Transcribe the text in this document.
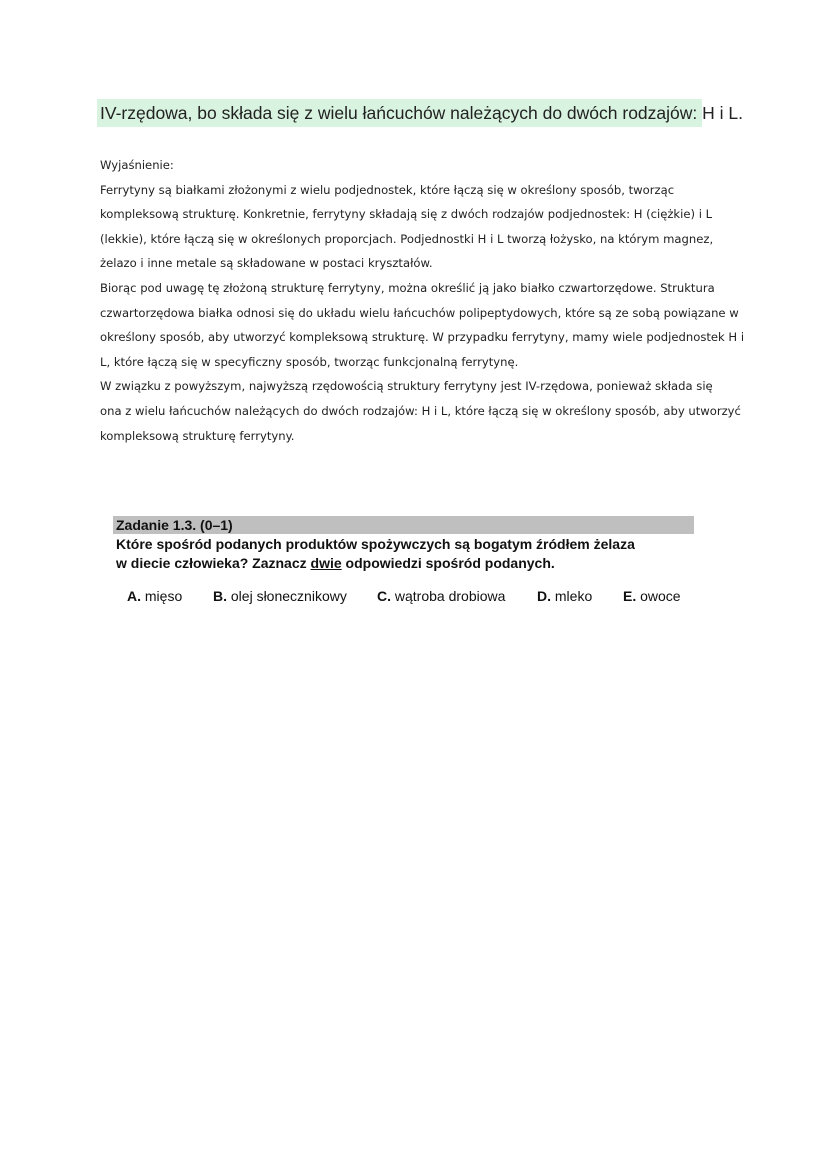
IV-rzędowa, bo składa się z wielu łańcuchów należących do dwóch rodzajów: H i L.
Wyjaśnienie:
Ferrytyny są białkami złożonymi z wielu podjednostek, które łączą się w określony sposób, tworząc
kompleksową strukturę. Konkretnie, ferrytyny składają się z dwóch rodzajów podjednostek: H (ciężkie) i L
(lekkie), które łączą się w określonych proporcjach. Podjednostki H i L tworzą łożysko, na którym magnez,
żelazo i inne metale są składowane w postaci kryształów.
Biorąc pod uwagę tę złożoną strukturę ferrytyny, można określić ją jako białko czwartorzędowe. Struktura
czwartorzędowa białka odnosi się do układu wielu łańcuchów polipeptydowych, które są ze sobą powiązane w
określony sposób, aby utworzyć kompleksową strukturę. W przypadku ferrytyny, mamy wiele podjednostek H i
L, które łączą się w specyficzny sposób, tworząc funkcjonalną ferrytynę.
W związku z powyższym, najwyższą rzędowością struktury ferrytyny jest IV-rzędowa, ponieważ składa się
ona z wielu łańcuchów należących do dwóch rodzajów: H i L, które łączą się w określony sposób, aby utworzyć
kompleksową strukturę ferrytyny.
Zadanie 1.3. (0–1)
Które spośród podanych produktów spożywczych są bogatym źródłem żelaza
w diecie człowieka? Zaznacz dwie odpowiedzi spośród podanych.
A. mięso B. olej słonecznikowy C. wątroba drobiowa D. mleko E. owoce
